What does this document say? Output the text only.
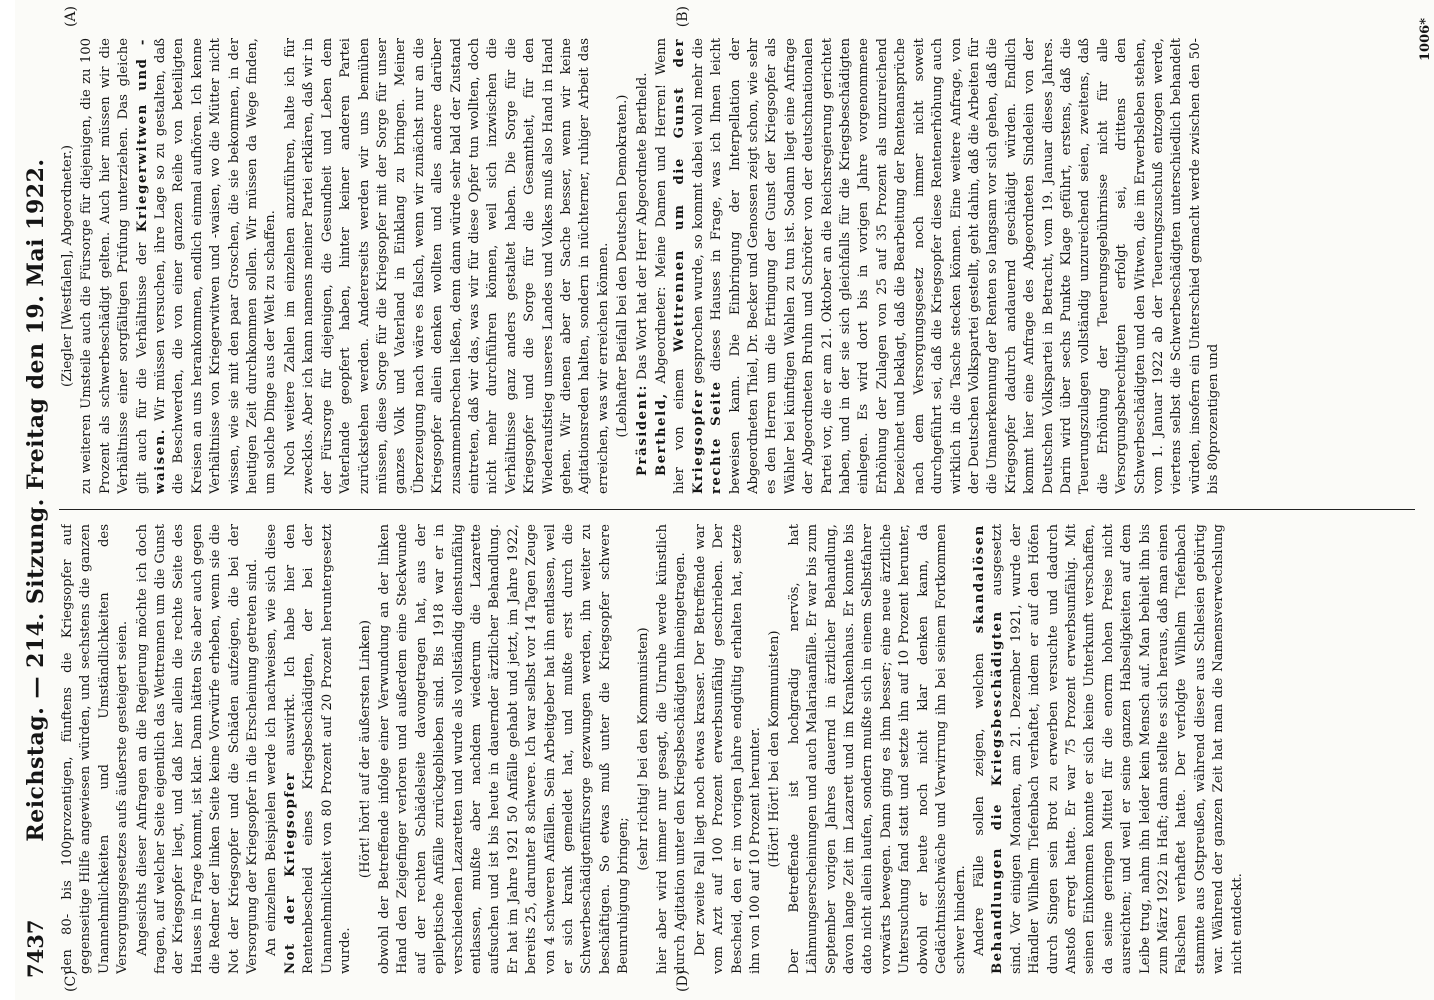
7437
Reichstag. — 214. Sitzung. Freitag den 19. Mai 1922.
(C)	(D)
(A)	(B)

den 80- bis 100prozentigen, fünftens die Kriegsopfer auf gegenseitige Hilfe angewiesen würden, und sechstens die ganzen Unannehmlichkeiten und Umständlichkeiten des Versorgungsgesetzes aufs äußerste gesteigert seien. Angesichts dieser Anfragen an die Regierung möchte ich doch fragen, auf welcher Seite eigentlich das Wettrennen um die Gunst der Kriegsopfer liegt, und daß hier allein die rechte Seite des Hauses in Frage kommt, ist klar. Dann hätten Sie aber auch gegen die Redner der linken Seite keine Vorwürfe erheben, wenn sie die Not der Kriegsopfer und die Schäden aufzeigen, die bei der Versorgung der Kriegsopfer in die Erscheinung getreten sind. An einzelnen Beispielen werde ich nachweisen, wie sich diese Not der Kriegsopfer auswirkt. Ich habe hier den Rentenbescheid eines Kriegsbeschädigten, der bei der Unannehmlichkeit von 80 Prozent auf 20 Prozent heruntergesetzt wurde.

(Hört! hört! auf der äußersten Linken) obwohl der Betreffende infolge einer Verwundung an der linken Hand den Zeigefinger verloren und außerdem eine Steckwunde auf der rechten Schädelseite davongetragen hat, aus der epileptische Anfälle zurückgeblieben sind. Bis 1918 war er in verschiedenen Lazaretten und wurde als vollständig dienstunfähig entlassen, mußte aber nachdem wiederum die Lazarette aufsuchen und ist bis heute in dauernder ärztlicher Behandlung. Er hat im Jahre 1921 50 Anfälle gehabt und jetzt, im Jahre 1922, bereits 25, darunter 8 schwere. Ich war selbst vor 14 Tagen Zeuge von 4 schweren Anfällen. Sein Arbeitgeber hat ihn entlassen, weil er sich krank gemeldet hat, und mußte erst durch die Schwerbeschädigtenfürsorge gezwungen werden, ihn weiter zu beschäftigen. So etwas muß unter die Kriegsopfer schwere Beunruhigung bringen;

(sehr richtig! bei den Kommunisten) hier aber wird immer nur gesagt, die Unruhe werde künstlich durch Agitation unter den Kriegsbeschädigten hineingetragen. Der zweite Fall liegt noch etwas krasser. Der Betreffende war vom Arzt auf 100 Prozent erwerbsunfähig geschrieben. Der Bescheid, den er im vorigen Jahre endgültig erhalten hat, setzte ihn von 100 auf 10 Prozent herunter. (Hört! Hört! bei den Kommunisten) Der Betreffende ist hochgradig nervös, hat Lähmungserscheinungen und auch Malariaanfälle. Er war bis zum September vorigen Jahres dauernd in ärztlicher Behandlung, davon lange Zeit im Lazarett und im Krankenhaus. Er konnte bis dato nicht allein laufen, sondern mußte sich in einem Selbstfahrer vorwärts bewegen. Dann ging es ihm besser; eine neue ärztliche Untersuchung fand statt und setzte ihn auf 10 Prozent herunter, obwohl er heute noch nicht klar denken kann, da Gedächtnisschwäche und Verwirrung ihn bei seinem Fortkommen schwer hindern. Andere Fälle sollen zeigen, welchen skandalösen Behandlungen die Kriegsbeschädigten ausgesetzt sind. Vor einigen Monaten, am 21. Dezember 1921, wurde der Händler Wilhelm Tiefenbach verhaftet, indem er auf den Höfen durch Singen sein Brot zu erwerben versuchte und dadurch Anstoß erregt hatte. Er war 75 Prozent erwerbsunfähig. Mit seinen Einkommen konnte er sich keine Unterkunft verschaffen, da seine geringen Mittel für die enorm hohen Preise nicht ausreichten; und weil er seine ganzen Habseligkeiten auf dem Leibe trug, nahm ihn leider kein Mensch auf. Man behielt ihn bis zum März 1922 in Haft; dann stellte es sich heraus, daß man einen Falschen verhaftet hatte. Der verfolgte Wilhelm Tiefenbach stammte aus Ostpreußen, während dieser aus Schlesien gebürtig war. Während der ganzen Zeit hat man die Namensverwechslung nicht entdeckt.

(Ziegler [Westfalen], Abgeordneter.) zu weiteren Umsteile auch die Fürsorge für diejenigen, die zu 100 Prozent als schwerbeschädigt gelten. Auch hier müssen wir die Verhältnisse einer sorgfältigen Prüfung unterziehen. Das gleiche gilt auch für die Verhältnisse der Kriegerwitwen und -waisen. Wir müssen versuchen, ihre Lage so zu gestalten, daß die Beschwerden, die von einer ganzen Reihe von beteiligten Kreisen an uns herankommen, endlich einmal aufhören. Ich kenne Verhältnisse von Kriegerwitwen und -waisen, wo die Mütter nicht wissen, wie sie mit den paar Groschen, die sie bekommen, in der heutigen Zeit durchkommen sollen. Wir müssen da Wege finden, um solche Dinge aus der Welt zu schaffen. Noch weitere Zahlen im einzelnen anzuführen, halte ich für zwecklos. Aber ich kann namens meiner Partei erklären, daß wir in der Fürsorge für diejenigen, die Gesundheit und Leben dem Vaterlande geopfert haben, hinter keiner anderen Partei zurückstehen werden. Andererseits werden wir uns bemühen müssen, diese Sorge für die Kriegsopfer mit der Sorge für unser ganzes Volk und Vaterland in Einklang zu bringen. Meiner Überzeugung nach wäre es falsch, wenn wir zunächst nur an die Kriegsopfer allein denken wollten und alles andere darüber zusammenbrechen ließen, denn dann würde sehr bald der Zustand eintreten, daß wir das, was wir für diese Opfer tun wollten, doch nicht mehr durchführen können, weil sich inzwischen die Verhältnisse ganz anders gestaltet haben. Die Sorge für die Kriegsopfer und die Sorge für die Gesamtheit, für den Wiederaufstieg unseres Landes und Volkes muß also Hand in Hand gehen. Wir dienen aber der Sache besser, wenn wir keine Agitationsreden halten, sondern in nüchterner, ruhiger Arbeit das erreichen, was wir erreichen können. (Lebhafter Beifall bei den Deutschen Demokraten.) Präsident: Das Wort hat der Herr Abgeordnete Bertheld.

Bertheld, Abgeordneter: Meine Damen und Herren! Wenn hier von einem Wettrennen um die Gunst der Kriegsopfer gesprochen wurde, so kommt dabei wohl mehr die rechte Seite dieses Hauses in Frage, was ich Ihnen leicht beweisen kann. Die Einbringung der Interpellation der Abgeordneten Thiel, Dr. Becker und Genossen zeigt schon, wie sehr es den Herren um die Ertingung der Gunst der Kriegsopfer als Wähler bei künftigen Wahlen zu tun ist. Sodann liegt eine Anfrage der Abgeordneten Bruhn und Schröter von der deutschnationalen Partei vor, die er am 21. Oktober an die Reichsregierung gerichtet haben, und in der sie sich gleichfalls für die Kriegsbeschädigten einlegen. Es wird dort bis in vorigen Jahre vorgenommene Erhöhung der Zulagen von 25 auf 35 Prozent als unzureichend bezeichnet und beklagt, daß die Bearbeitung der Rentenansprüche nach dem Versorgungsgesetz noch immer nicht soweit durchgeführt sei, daß die Kriegsopfer diese Rentenerhöhung auch wirklich in die Tasche stecken können. Eine weitere Anfrage, von der Deutschen Volkspartei gestellt, geht dahin, daß die Arbeiten für die Umanerkennung der Renten so langsam vor sich gehen, daß die Kriegsopfer dadurch andauernd geschädigt würden. Endlich kommt hier eine Anfrage des Abgeordneten Sindelein von der Deutschen Volkspartei in Betracht, vom 19. Januar dieses Jahres. Darin wird über sechs Punkte Klage geführt, erstens, daß die Teuerungszulagen vollständig unzureichend seien, zweitens, daß die Erhöhung der Teuerungsgebührnisse nicht für alle Versorgungsberechtigten erfolgt sei, drittens den Schwerbeschädigten und den Witwen, die im Erwerbsleben stehen, vom 1. Januar 1922 ab der Teuerungszuschuß entzogen werde, viertens selbst die Schwerbeschädigten unterschiedlich behandelt würden, insofern ein Unterschied gemacht werde zwischen den 50- bis 80prozentigen und

1006*
